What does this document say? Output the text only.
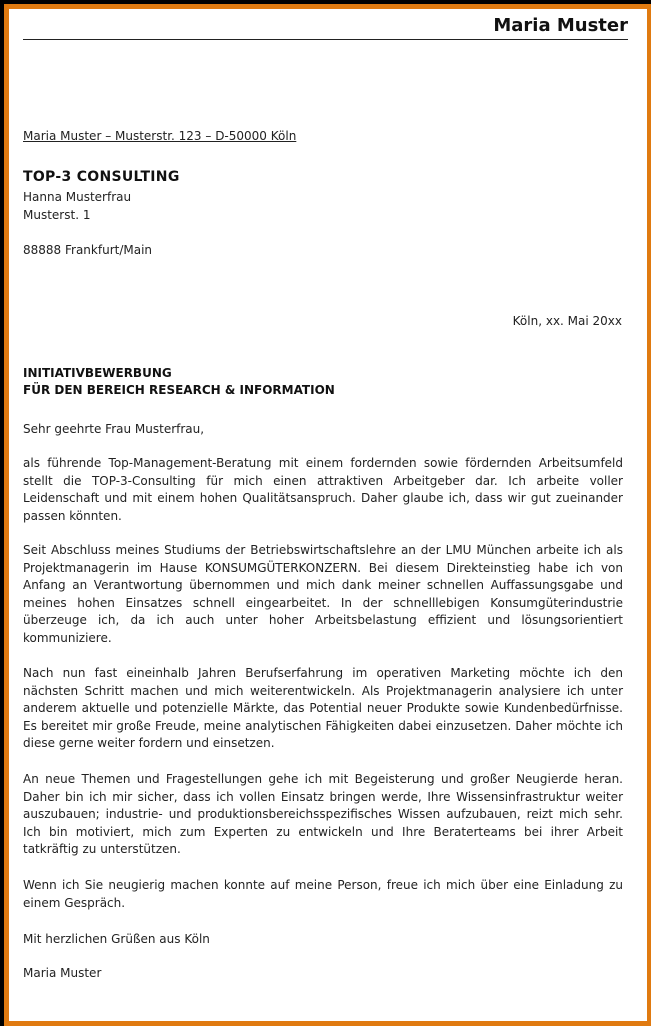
Maria Muster
Maria Muster – Musterstr. 123 – D-50000 Köln
TOP-3 CONSULTING
Hanna Musterfrau
Musterst. 1
88888 Frankfurt/Main
Köln, xx. Mai 20xx
INITIATIVBEWERBUNG
FÜR DEN BEREICH RESEARCH & INFORMATION
Sehr geehrte Frau Musterfrau,
als führende Top-Management-Beratung mit einem fordernden sowie fördernden Arbeitsumfeld stellt die TOP-3-Consulting für mich einen attraktiven Arbeitgeber dar. Ich arbeite voller Leidenschaft und mit einem hohen Qualitätsanspruch. Daher glaube ich, dass wir gut zueinander passen könnten.
Seit Abschluss meines Studiums der Betriebswirtschaftslehre an der LMU München arbeite ich als Projektmanagerin im Hause KONSUMGÜTERKONZERN. Bei diesem Direkteinstieg habe ich von Anfang an Verantwortung übernommen und mich dank meiner schnellen Auffassungsgabe und meines hohen Einsatzes schnell eingearbeitet. In der schnelllebigen Konsumgüterindustrie überzeuge ich, da ich auch unter hoher Arbeitsbelastung effizient und lösungsorientiert kommuniziere.
Nach nun fast eineinhalb Jahren Berufserfahrung im operativen Marketing möchte ich den nächsten Schritt machen und mich weiterentwickeln. Als Projektmanagerin analysiere ich unter anderem aktuelle und potenzielle Märkte, das Potential neuer Produkte sowie Kundenbedürfnisse. Es bereitet mir große Freude, meine analytischen Fähigkeiten dabei einzusetzen. Daher möchte ich diese gerne weiter fordern und einsetzen.
An neue Themen und Fragestellungen gehe ich mit Begeisterung und großer Neugierde heran. Daher bin ich mir sicher, dass ich vollen Einsatz bringen werde, Ihre Wissensinfrastruktur weiter auszubauen; industrie- und produktionsbereichsspezifisches Wissen aufzubauen, reizt mich sehr. Ich bin motiviert, mich zum Experten zu entwickeln und Ihre Beraterteams bei ihrer Arbeit tatkräftig zu unterstützen.
Wenn ich Sie neugierig machen konnte auf meine Person, freue ich mich über eine Einladung zu einem Gespräch.
Mit herzlichen Grüßen aus Köln
Maria Muster
